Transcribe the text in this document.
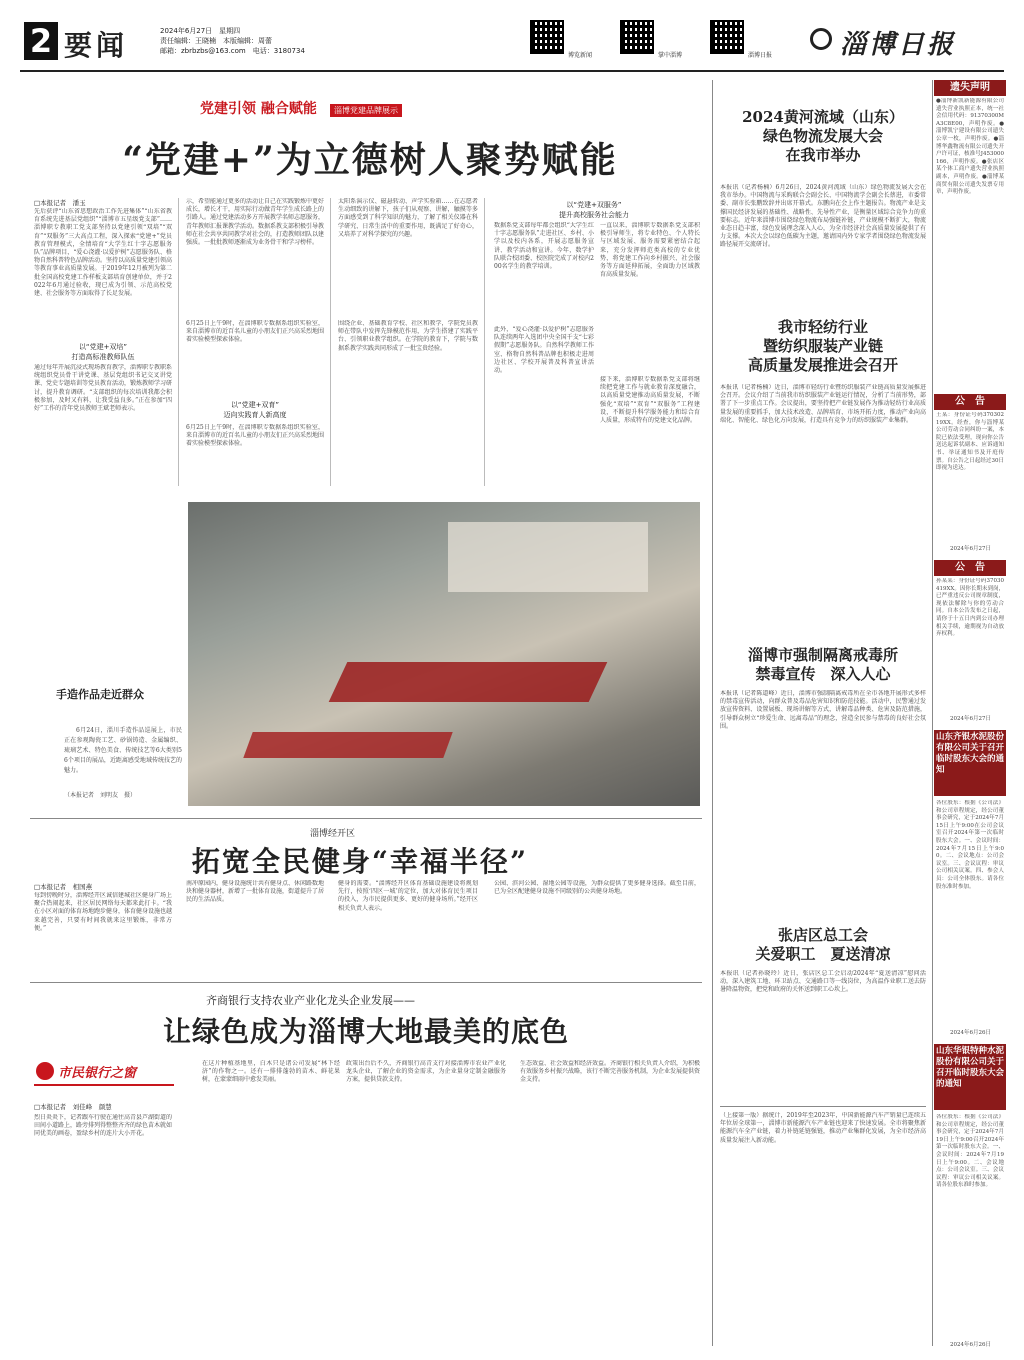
2 要闻	2024年6月27日　星期四
责任编辑：王晓楠　本版编辑：周蕾
邮箱：zbrbzbs@163.com　电话：3180734
博览新闻	掌中淄博	淄博日报	淄博日报
党建引领 融合赋能 淄博党建品牌展示
“党建+”为立德树人聚势赋能
□本报记者　潘玉
先后获评“山东省思想政治工作先进集体”“山东省教育系统先进基层党组织”“淄博市五星级党支部”……淄博职专教职工党支部坚持以党建引领“双培”“双育”“双服务”三大高点工程，深入探索“党建+”党员教育管理模式，全情培育“大学生红十字志愿服务队”品牌项目，“爱心浇灌·以爱护树”志愿服务队、格物自然科普特色品牌活动。坚持以高质量党建引领高等教育事业高质量发展。于2019年12月被列为第二批全国高校党建工作样板支部培育创建单位，并于2022年6月通过验收，现已成为引领、示范高校党建、社会服务等方面取得了长足发展。
以“党建+双培”
打造高标准教师队伍
通过每年开展沉浸式现场教育教学，淄博职专教职系统组织党员骨干讲党课、基层党组织书记交叉讲党课、党史专题培训等党员教育活动，锻炼教师学习研讨，提升教育调研。“支部组织的每次培训我都会积极参加，及时又有料，让我受益良多。”正在参加“四好”工作的青年党员教师王斌老师表示。
示，希望能通过更多的活动让自己在实践锻炼中更好成长，增长才干，用实际行动做青年学生成长路上的引路人。通过党建活动多方开展教学名师志愿服务，青年教师汇报课教学活动。数据系教支部积极引导教师在社会共享共同教学对社会的，打造教师团队以建强质。一批批教师逐渐成为业务骨干和学习榜样。
以“党建+双育”
迈向实践育人新高度
6月25日上午9时，在淄博职专数据系组织实验室，来自淄博市的近百名儿童的小朋友们正兴高采烈地围着实验模型探索体验。
6月25日上午9时，在淄博职专数据系组织实验室，来自淄博市的近百名儿童的小朋友们正兴高采烈地围着实验模型探索体验。
太阳系演示仪、磁悬转动、声学实验箱……在志愿者生动细致的讲解下，孩子们从观察、讲解，触摸等多方面感受到了科学知识的魅力，了解了相关仪器在科学研究、日常生活中的重要作用，既满足了好奇心，又培养了对科学探究的兴趣。
围绕企业、基础教育学校、社区和教学，学院党员教师在带队中发挥先锋模范作用，为学生搭建了实践平台、引领职业教学组织。在学院的教育下，学院与数据系教学实践共同形成了一批宝贵经验。
以“党建+双服务”
提升高校服务社会能力
数据系党支部每年都会组织“大学生红十字志愿服务队”走进社区、乡村、小学以及校内各系，开展志愿服务宣讲、教学活动和宣讲。今年，数学护队联合校团委、校医院完成了对校内200名学生的教学培训。
此外，“爱心浇灌·以爱护树”志愿服务队连续两年入选团中央全国千支“七彩假期”志愿服务队。自然科学教师工作室、格物自然科普品牌也积极走进周边社区、学校开展普及科普宣讲活动。
一直以来，淄博职专数据系党支部积极引导师生，将专业特色、个人特长与区域发展、服务需要紧密结合起来，充分发挥师范类高校的专业优势，将党建工作向乡村振兴、社会服务等方面延伸拓展，全面助力区域教育高质量发展。
接下来，淄博职专数据系党支部将继续把党建工作与就业教育深度融合，以高质量党建推动高质量发展，不断强化“双培”“双育”“双服务”工程建设，不断提升科学服务能力和综合育人质量，形成特有的党建文化品牌。
手造作品走近群众
6月24日，淄川手造作品巡展上，市民正在参观陶瓷工艺、砂锅铸造、金属编织、琉璃艺术、特色美食、传统技艺等6大类别56个项目的展品，近距离感受地域传统技艺的魅力。
（本报记者　刘明友　摄）
淄博经开区
拓宽全民健身“幸福半径”
□本报记者　相国燕
每到傍晚时分，淄博经开区诚信建城社区健身广场上聚合热闹起来，社区居民网络每天都来此打卡。“我在小区对面的体育场地跑步健身，体育健身设施也越来越完善，只要有时间我就来这里锻炼，非常方便。”
南冲原园内，健身设施统计共有健身点、休闲路数地块和健身器材，新增了一批体育设施，街道提升了居民的生活品质。
健身的需要。“淄博经开区体育基础设施建设将规划先行，按照‘四区一城’的定位，加大对体育民生项目的投入，为市民提供更多、更好的健身场所。”经开区相关负责人表示。
公园、滨河公园、湿地公园等设施，为群众提供了更多健身选择。截至目前，已为全区配建健身设施不同级别的公共健身场地。
齐商银行支持农业产业化龙头企业发展——
让绿色成为淄博大地最美的底色
市民银行之窗
□本报记者　刘佳峰　颜慧
烈日炎炎下，记者跟车行驶在通往高青县芦湖街道的田间小道路上，路旁排列得整整齐齐的绿色苗木就如同优美的画卷，盈绿乡村的连片大小开花。
在这片种植基地里，白木只是诸公司发展“林下经济”的作物之一。还有一排排蓬勃的苗木、鲜花果树，在蒙蒙细雨中愈发美丽。
政策出台后不久，齐商银行高青支行对接淄博市农业产业化龙头企业，了解企业的资金需求，为企业量身定制金融服务方案，提供贷款支持。
生态效益、社会效益和经济效益。齐商银行相关负责人介绍，为积极有效服务乡村振兴战略，该行不断完善服务机制，为企业发展提供资金支持。
2024黄河流域（山东）
绿色物流发展大会
在我市举办
本报讯（记者杨楠）6月26日，2024黄河流域（山东）绿色物流发展大会在我市举办。中国物流与采购联合会副会长、中国物流学会副会长蔡进，市委常委、副市长张鹏致辞并出席开幕式。东鹏向在会上作主题报告。物流产业是支撑国民经济发展的基础性、战略性、先导性产业，是衡量区域综合竞争力的重要标志。近年来淄博市围绕绿色物流布局强链补链，产业规模不断扩大，物流业态日趋丰富，绿色发展理念深入人心，为全市经济社会高质量发展提供了有力支撑。本次大会以绿色低碳为主题，邀请国内外专家学者围绕绿色物流发展路径展开交流研讨。
我市轻纺行业
暨纺织服装产业链
高质量发展推进会召开
本报讯（记者杨楠）近日，淄博市轻纺行业暨纺织服装产业链高质量发展推进会召开。会议介绍了当前我市纺织服装产业链运行情况，分析了当前形势，部署了下一步重点工作。会议提出，要坚持把产业链发展作为推动轻纺行业高质量发展的重要抓手，加大技术改造、品牌培育、市场开拓力度，推动产业向高端化、智能化、绿色化方向发展，打造具有竞争力的纺织服装产业集群。
淄博市强制隔离戒毒所
禁毒宣传　深入人心
本报讯（记者陈道峰）近日，淄博市强制隔离戒毒所在全市各地开展形式多样的禁毒宣传活动，向群众普及毒品危害知识和防范技能。活动中，民警通过发放宣传资料、设置展板、现场讲解等方式，讲解毒品种类、危害及防范措施，引导群众树立“珍爱生命、远离毒品”的理念，营造全民参与禁毒的良好社会氛围。
张店区总工会
关爱职工　夏送清凉
本报讯（记者孙晓玲）近日，张店区总工会启动2024年“夏送清凉”慰问活动，深入建筑工地、环卫站点、交通路口等一线岗位，为高温作业职工送去防暑降温物资，把党和政府的关怀送到职工心坎上。
（上接第一版）据统计，2019年至2023年，中国新能源汽车产销量已连续五年位居全球第一，淄博市新能源汽车产业链也迎来了快速发展。全市将聚焦新能源汽车全产业链，着力补链延链强链，推动产业集群化发展，为全市经济高质量发展注入新动能。
遗失声明
●淄博新凯新能源有限公司遗失营业执照正本，统一社会信用代码：91370300MA3C8E00，声明作废。●淄博凯宁建设有限公司遗失公章一枚，声明作废。●淄博华鑫物流有限公司遗失开户许可证，核准号J453000166，声明作废。●张店区某个体工商户遗失营业执照副本，声明作废。●淄博某商贸有限公司遗失发票专用章，声明作废。
公　告
王某：身份证号码37030219XX。经查，你与淄博某公司劳动合同纠纷一案，本院已依法受理，现向你公告送达起诉状副本、应诉通知书、举证通知书及开庭传票。自公告之日起经过30日即视为送达。
2024年6月27日
公　告
孙某某：身份证号码37030419XX。因你长期未到岗，已严重违反公司规章制度，现依法解除与你的劳动合同。自本公告发布之日起，请你于十五日内到公司办理相关手续，逾期视为自动放弃权利。
2024年6月27日
山东齐银水泥股份有限公司关于召开临时股东大会的通知
各位股东：根据《公司法》和公司章程规定，经公司董事会研究，定于2024年7月15日上午9:00在公司会议室召开2024年第一次临时股东大会。一、会议时间：2024年7月15日上午9:00。二、会议地点：公司会议室。三、会议议程：审议公司相关议案。四、参会人员：公司全体股东。请各位股东准时参加。
2024年6月26日
山东华银特种水泥股份有限公司关于召开临时股东大会的通知
各位股东：根据《公司法》和公司章程规定，经公司董事会研究，定于2024年7月19日上午9:00召开2024年第一次临时股东大会。一、会议时间：2024年7月19日上午9:00。二、会议地点：公司会议室。三、会议议程：审议公司相关议案。请各位股东准时参加。
2024年6月26日
